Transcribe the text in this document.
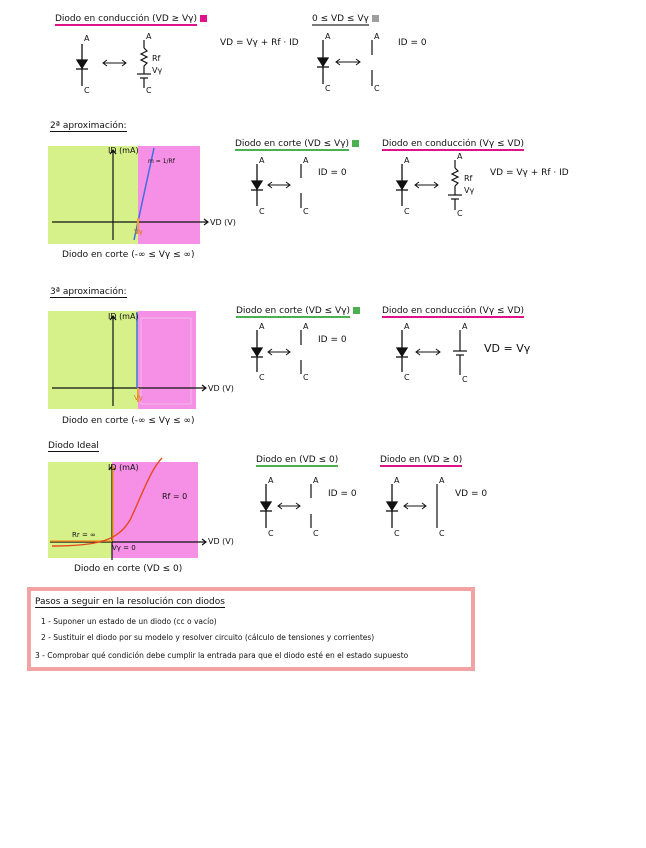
Diodo en conducción (VD ≥ Vγ)	0 ≤ VD ≤ Vγ
A
C
A
C
Rf
Vγ
VD = Vγ + Rf · ID
A
C
A
C
ID = 0
2ª aproximación:
ID (mA)
VD (V)
m = 1/Rf
Vγ
Diodo en corte (-∞ ≤ Vγ ≤ ∞)
Diodo en corte (VD ≤ Vγ)	Diodo en conducción (Vγ ≤ VD)
A
C
A
C
ID = 0
A
C
A
C
Rf
Vγ
VD = Vγ + Rf · ID
3ª aproximación:
ID (mA)
VD (V)
Vγ
Diodo en corte (-∞ ≤ Vγ ≤ ∞)
Diodo en corte (VD ≤ Vγ)	Diodo en conducción (Vγ ≤ VD)
A
C
A
C
ID = 0
A
C
A
C
VD = Vγ
Diodo Ideal
ID (mA)
VD (V)
Rf = 0
Rr = ∞
Vγ = 0
Diodo en corte (VD ≤ 0)
Diodo en (VD ≤ 0)	Diodo en (VD ≥ 0)
A
C
A
C
ID = 0
A
C
A
C
VD = 0
Pasos a seguir en la resolución con diodos
1 - Suponer un estado de un diodo (cc o vacío)
2 - Sustituir el diodo por su modelo y resolver circuito (cálculo de tensiones y corrientes)
3 - Comprobar qué condición debe cumplir la entrada para que el diodo esté en el estado supuesto
